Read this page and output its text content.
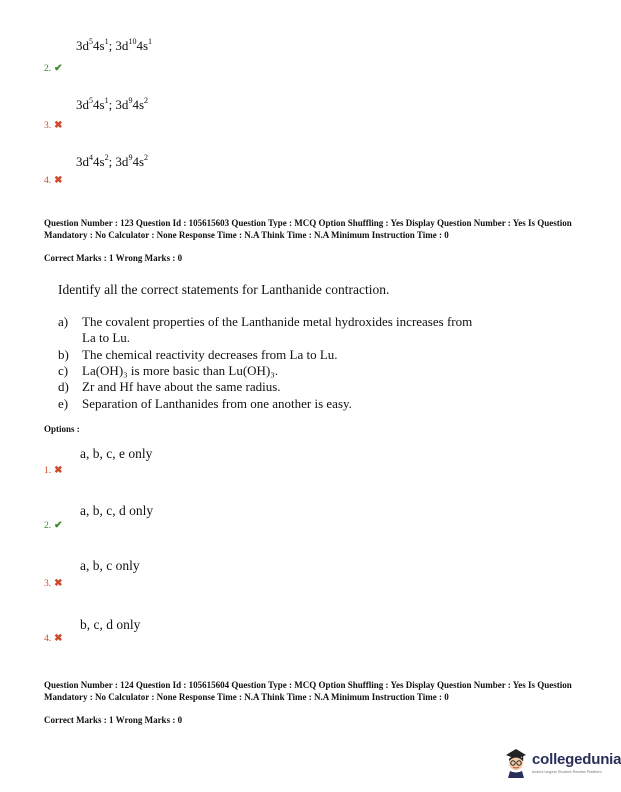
$3d^54s^1$; $3d^{10}4s^1$
2. ✔
$3d^54s^1$; $3d^94s^2$
3. ✖
$3d^44s^2$; $3d^94s^2$
4. ✖
Question Number : 123 Question Id : 105615603 Question Type : MCQ Option Shuffling : Yes Display Question Number : Yes Is Question Mandatory : No Calculator : None Response Time : N.A Think Time : N.A Minimum Instruction Time : 0
Correct Marks : 1 Wrong Marks : 0
Identify all the correct statements for Lanthanide contraction.
a) The covalent properties of the Lanthanide metal hydroxides increases from
La to Lu.
b) The chemical reactivity decreases from La to Lu.
c) La(OH)₃ is more basic than Lu(OH)₃.
d) Zr and Hf have about the same radius.
e) Separation of Lanthanides from one another is easy.
Options :
a, b, c, e only
1. ✖
a, b, c, d only
2. ✔
a, b, c only
3. ✖
b, c, d only
4. ✖
Question Number : 124 Question Id : 105615604 Question Type : MCQ Option Shuffling : Yes Display Question Number : Yes Is Question Mandatory : No Calculator : None Response Time : N.A Think Time : N.A Minimum Instruction Time : 0
Correct Marks : 1 Wrong Marks : 0
collegedunia
India's largest Student Review Platform
